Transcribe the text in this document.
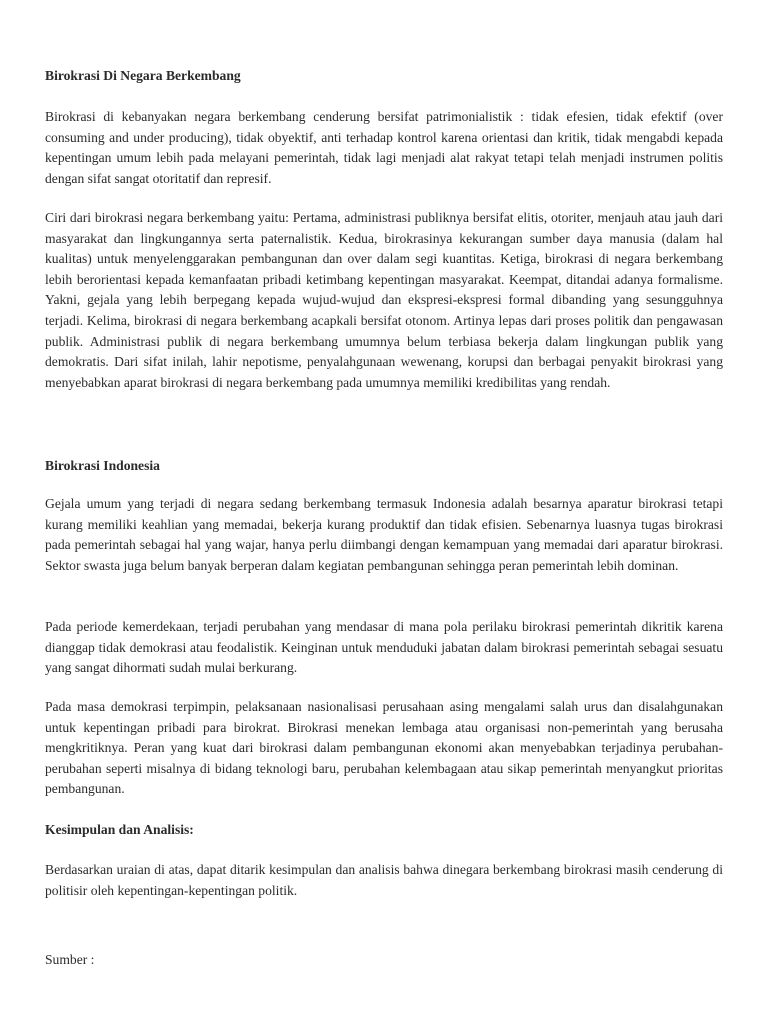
Birokrasi Di Negara Berkembang

Birokrasi di kebanyakan negara berkembang cenderung bersifat patrimonialistik : tidak efesien, tidak efektif (over consuming and under producing), tidak obyektif, anti terhadap kontrol karena orientasi dan kritik, tidak mengabdi kepada kepentingan umum lebih pada melayani pemerintah, tidak lagi menjadi alat rakyat tetapi telah menjadi instrumen politis dengan sifat sangat otoritatif dan represif.

Ciri dari birokrasi negara berkembang yaitu: Pertama, administrasi publiknya bersifat elitis, otoriter, menjauh atau jauh dari masyarakat dan lingkungannya serta paternalistik. Kedua, birokrasinya kekurangan sumber daya manusia (dalam hal kualitas) untuk menyelenggarakan pembangunan dan over dalam segi kuantitas. Ketiga, birokrasi di negara berkembang lebih berorientasi kepada kemanfaatan pribadi ketimbang kepentingan masyarakat. Keempat, ditandai adanya formalisme. Yakni, gejala yang lebih berpegang kepada wujud-wujud dan ekspresi-ekspresi formal dibanding yang sesungguhnya terjadi. Kelima, birokrasi di negara berkembang acapkali bersifat otonom. Artinya lepas dari proses politik dan pengawasan publik. Administrasi publik di negara berkembang umumnya belum terbiasa bekerja dalam lingkungan publik yang demokratis. Dari sifat inilah, lahir nepotisme, penyalahgunaan wewenang, korupsi dan berbagai penyakit birokrasi yang menyebabkan aparat birokrasi di negara berkembang pada umumnya memiliki kredibilitas yang rendah.

Birokrasi Indonesia

Gejala umum yang terjadi di negara sedang berkembang termasuk Indonesia adalah besarnya aparatur birokrasi tetapi kurang memiliki keahlian yang memadai, bekerja kurang produktif dan tidak efisien. Sebenarnya luasnya tugas birokrasi pada pemerintah sebagai hal yang wajar, hanya perlu diimbangi dengan kemampuan yang memadai dari aparatur birokrasi. Sektor swasta juga belum banyak berperan dalam kegiatan pembangunan sehingga peran pemerintah lebih dominan.

Pada periode kemerdekaan, terjadi perubahan yang mendasar di mana pola perilaku birokrasi pemerintah dikritik karena dianggap tidak demokrasi atau feodalistik. Keinginan untuk menduduki jabatan dalam birokrasi pemerintah sebagai sesuatu yang sangat dihormati sudah mulai berkurang.

Pada masa demokrasi terpimpin, pelaksanaan nasionalisasi perusahaan asing mengalami salah urus dan disalahgunakan untuk kepentingan pribadi para birokrat. Birokrasi menekan lembaga atau organisasi non-pemerintah yang berusaha mengkritiknya. Peran yang kuat dari birokrasi dalam pembangunan ekonomi akan menyebabkan terjadinya perubahan-perubahan seperti misalnya di bidang teknologi baru, perubahan kelembagaan atau sikap pemerintah menyangkut prioritas pembangunan.

Kesimpulan dan Analisis:

Berdasarkan uraian di atas, dapat ditarik kesimpulan dan analisis bahwa dinegara berkembang birokrasi masih cenderung di politisir oleh kepentingan-kepentingan politik.

Sumber :
